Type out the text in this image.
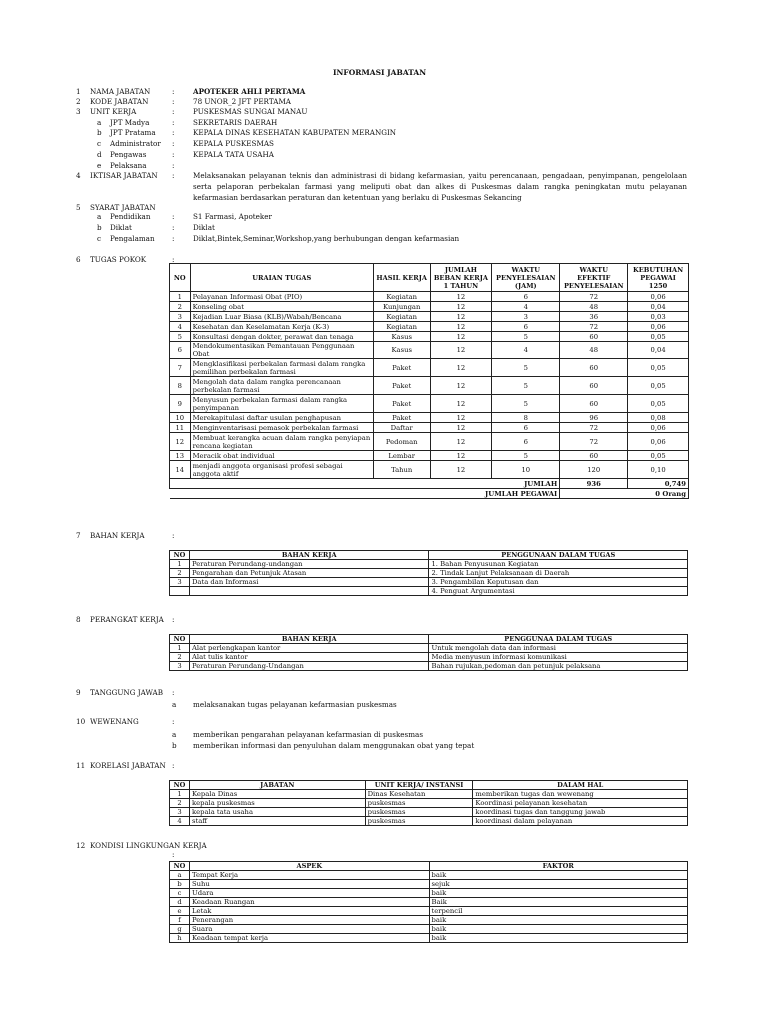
INFORMASI JABATAN
1 NAMA JABATAN	:	APOTEKER AHLI PERTAMA
2 KODE JABATAN	:	78 UNOR_2 JFT PERTAMA
3 UNIT KERJA	:	PUSKESMAS SUNGAI MANAU
a JPT Madya	:	SEKRETARIS DAERAH
b JPT Pratama :	KEPALA DINAS KESEHATAN KABUPATEN MERANGIN
c Administrator :	KEPALA PUSKESMAS
d Pengawas	:	KEPALA TATA USAHA
e Pelaksana	:
4 IKTISAR JABATAN :	Melaksanakan pelayanan teknis dan administrasi di bidang kefarmasian, yaitu perencanaan, pengadaan, penyimpanan, pengelolaan serta pelaporan perbekalan farmasi yang meliputi obat dan alkes di Puskesmas dalam rangka peningkatan mutu pelayanan kefarmasian berdasarkan peraturan dan ketentuan yang berlaku di Puskesmas Sekancing
5 SYARAT JABATAN
a Pendidikan	:	S1 Farmasi, Apoteker
b Diklat	:	Diklat
c Pengalaman :	Diklat,Bintek,Seminar,Workshop,yang berhubungan dengan kefarmasian
6 TUGAS POKOK	:
NO	URAIAN TUGAS	HASIL KERJA	JUMLAH BEBAN KERJA 1 TAHUN	WAKTU PENYELESAIAN (JAM)	WAKTU EFEKTIF PENYELESAIAN	KEBUTUHAN PEGAWAI 1250
1	Pelayanan Informasi Obat (PIO)	Kegiatan	12	6	72	0,06
2	Konseling obat	Kunjungan	12	4	48	0,04
3	Kejadian Luar Biasa (KLB)/Wabah/Bencana	Kegiatan	12	3	36	0,03
4	Kesehatan dan Keselamatan Kerja (K-3)	Kegiatan	12	6	72	0,06
5	Konsultasi dengan dokter, perawat dan tenaga	Kasus	12	5	60	0,05
6	Mendokumentasikan Pemantauan Penggunaan Obat	Kasus	12	4	48	0,04
7	Mengklasifikasi perbekalan farmasi dalam rangka pemilihan perbekalan farmasi	Paket	12	5	60	0,05
8	Mengolah data dalam rangka perencanaan perbekalan farmasi	Paket	12	5	60	0,05
9	Menyusun perbekalan farmasi dalam rangka penyimpanan	Paket	12	5	60	0,05
10	Merekapitulasi daftar usulan penghapusan	Paket	12	8	96	0,08
11	Menginventarisasi pemasok perbekalan farmasi	Daftar	12	6	72	0,06
12	Membuat kerangka acuan dalam rangka penyiapan rencana kegiatan	Pedoman	12	6	72	0,06
13	Meracik obat individual	Lembar	12	5	60	0,05
14	menjadi anggota organisasi profesi sebagai anggota aktif	Tahun	12	10	120	0,10
				JUMLAH	936	0,749
JUMLAH PEGAWAI					0 Orang	
7 BAHAN KERJA	:
NO	BAHAN KERJA	PENGGUNAAN DALAM TUGAS
1	Peraturan Perundang-undangan	1. Bahan Penyusunan Kegiatan
2	Pengarahan dan Petunjuk Atasan	2. Tindak Lanjut Pelaksanaan di Daerah
3	Data dan Informasi	3. Pengambilan Keputusan dan
		4. Penguat Argumentasi
8 PERANGKAT KERJA :
NO	BAHAN KERJA	PENGGUNAA DALAM TUGAS
1	Alat perlengkapan kantor	Untuk mengolah data dan informasi
2	Alat tulis kantor	Media menyusun informasi komunikasi
3	Peraturan Perundang-Undangan	Bahan rujukan,pedoman dan petunjuk pelaksana
9 TANGGUNG JAWAB :
a melaksanakan tugas pelayanan kefarmasian puskesmas
10 WEWENANG	:
a memberikan pengarahan pelayanan kefarmasian di puskesmas
b memberikan informasi dan penyuluhan dalam menggunakan obat yang tepat
11 KORELASI JABATAN :
NO	JABATAN	UNIT KERJA/ INSTANSI	DALAM HAL
1	Kepala Dinas	Dinas Kesehatan	memberikan tugas dan wewenang
2	kepala puskesmas	puskesmas	Koordinasi pelayanan kesehatan
3	kepala tata usaha	puskesmas	koordinasi tugas dan tanggung jawab
4	staff	puskesmas	koordinasi dalam pelayanan
12 KONDISI LINGKUNGAN KERJA
:
NO	ASPEK	FAKTOR
a	Tempat Kerja	baik
b	Suhu	sejuk
c	Udara	baik
d	Keadaan Ruangan	Baik
e	Letak	terpencil
f	Penerangan	baik
g	Suara	baik
h	Keadaan tempat kerja	baik
